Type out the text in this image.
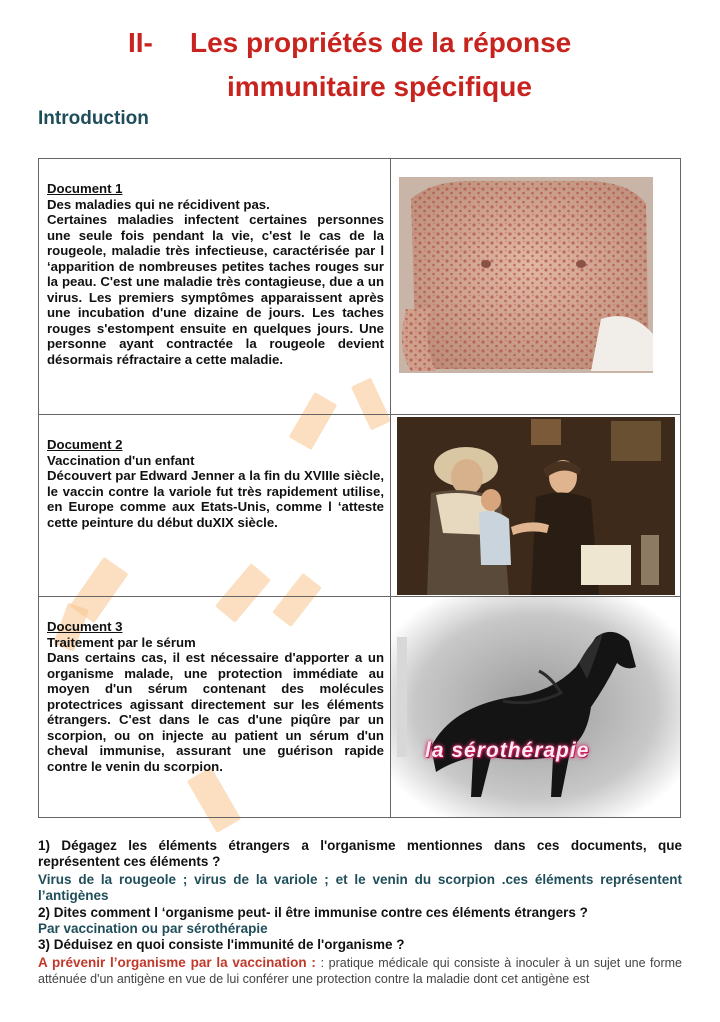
II- Les propriétés de la réponse
immunitaire spécifique
Introduction
Document 1
Des maladies qui ne récidivent pas.
Certaines maladies infectent certaines personnes une seule fois pendant la vie, c'est le cas de la rougeole, maladie très infectieuse, caractérisée par l ‘apparition de nombreuses petites taches rouges sur la peau. C'est une maladie très contagieuse, due a un virus. Les premiers symptômes apparaissent après une incubation d'une dizaine de jours. Les taches rouges s'estompent ensuite en quelques jours. Une personne ayant contractée la rougeole devient désormais réfractaire a cette maladie.
Document 2
Vaccination d'un enfant
Découvert par Edward Jenner a la fin du XVIIIe siècle, le vaccin contre la variole fut très rapidement utilise, en Europe comme aux Etats-Unis, comme l ‘atteste cette peinture du début duXIX siècle.
Document 3
Traitement par le sérum
Dans certains cas, il est nécessaire d'apporter a un organisme malade, une protection immédiate au moyen d'un sérum contenant des molécules protectrices agissant directement sur les éléments étrangers. C'est dans le cas d'une piqûre par un scorpion, ou on injecte au patient un sérum d'un cheval immunise, assurant une guérison rapide contre le venin du scorpion.
la sérothérapie
1) Dégagez les éléments étrangers a l'organisme mentionnes dans ces documents, que représentent ces éléments ?
Virus de la rougeole ; virus de la variole ; et le venin du scorpion .ces éléments représentent l’antigènes
2) Dites comment l ‘organisme peut- il être immunise contre ces éléments étrangers ?
Par vaccination ou par sérothérapie
3) Déduisez en quoi consiste l'immunité de l'organisme ?
A prévenir l’organisme par la vaccination : : pratique médicale qui consiste à inoculer à un sujet une forme atténuée d'un antigène en vue de lui conférer une protection contre la maladie dont cet antigène est
